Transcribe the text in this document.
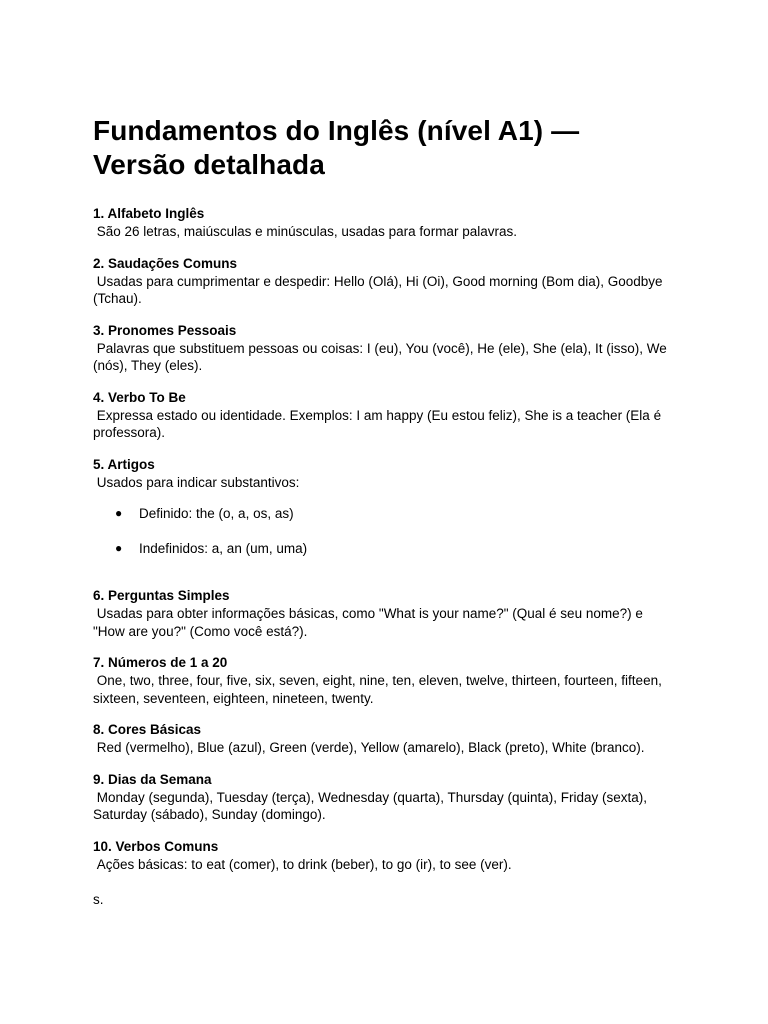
Fundamentos do Inglês (nível A1) — Versão detalhada

1. Alfabeto Inglês

São 26 letras, maiúsculas e minúsculas, usadas para formar palavras.

2. Saudações Comuns

Usadas para cumprimentar e despedir: Hello (Olá), Hi (Oi), Good morning (Bom dia), Goodbye (Tchau).

3. Pronomes Pessoais

Palavras que substituem pessoas ou coisas: I (eu), You (você), He (ele), She (ela), It (isso), We (nós), They (eles).

4. Verbo To Be

Expressa estado ou identidade. Exemplos: I am happy (Eu estou feliz), She is a teacher (Ela é professora).

5. Artigos

Usados para indicar substantivos:

● Definido: the (o, a, os, as)
● Indefinidos: a, an (um, uma)

6. Perguntas Simples

Usadas para obter informações básicas, como "What is your name?" (Qual é seu nome?) e "How are you?" (Como você está?).

7. Números de 1 a 20

One, two, three, four, five, six, seven, eight, nine, ten, eleven, twelve, thirteen, fourteen, fifteen, sixteen, seventeen, eighteen, nineteen, twenty.

8. Cores Básicas

Red (vermelho), Blue (azul), Green (verde), Yellow (amarelo), Black (preto), White (branco).

9. Dias da Semana

Monday (segunda), Tuesday (terça), Wednesday (quarta), Thursday (quinta), Friday (sexta), Saturday (sábado), Sunday (domingo).

10. Verbos Comuns

Ações básicas: to eat (comer), to drink (beber), to go (ir), to see (ver).

s.
